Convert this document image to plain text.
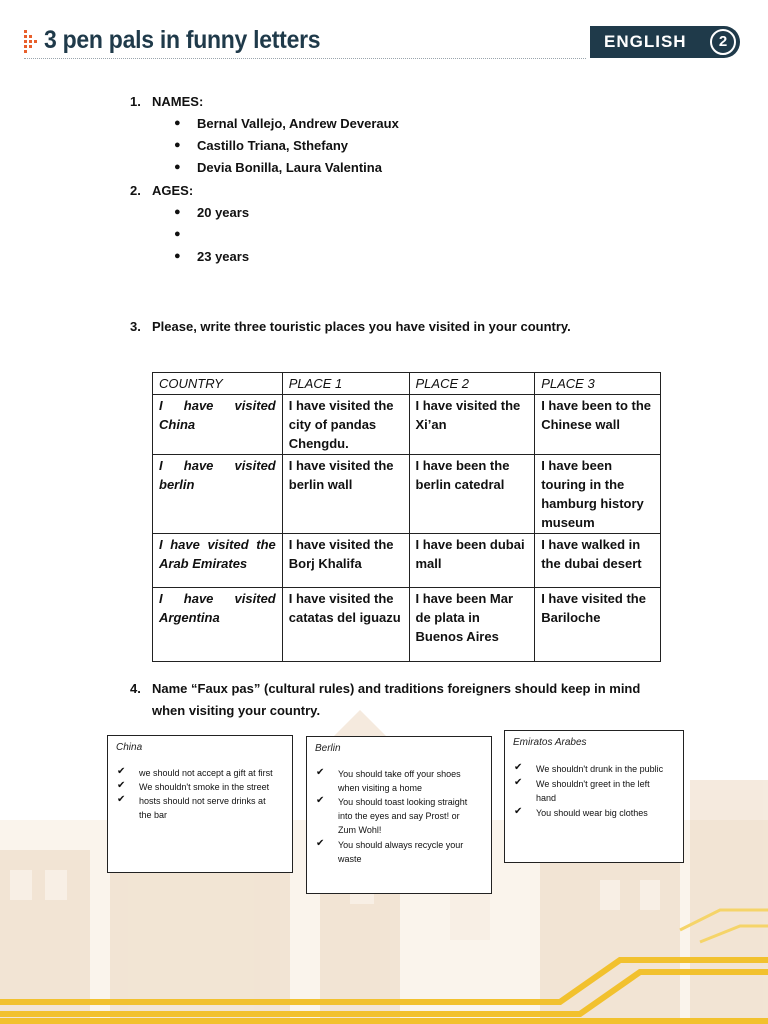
3 pen pals in funny letters	ENGLISH	2
1. NAMES:
● Bernal Vallejo, Andrew Deveraux
● Castillo Triana, Sthefany
● Devia Bonilla, Laura Valentina
2. AGES:
● 20 years
●
● 23 years
3. Please, write three touristic places you have visited in your country.
4. Name “Faux pas” (cultural rules) and traditions foreigners should keep in mind
when visiting your country.
COUNTRY	PLACE 1	PLACE 2	PLACE 3
I have visited China	I have visited the city of pandas Chengdu.	I have visited the Xi’an	I have been to the Chinese wall
I have visited berlin	I have visited the berlin wall	I have been the berlin catedral	I have been touring in the hamburg history museum
I have visited the Arab Emirates	I have visited the Borj Khalifa	I have been dubai mall	I have walked in the dubai desert
I have visited Argentina	I have visited the catatas del iguazu	I have been Mar de plata in Buenos Aires	I have visited the Bariloche
China
✔ we should not accept a gift at first
✔ We shouldn't smoke in the street
✔ hosts should not serve drinks at
the bar
Berlin
✔ You should take off your shoes
when visiting a home
✔ You should toast looking straight
into the eyes and say Prost! or
Zum Wohl!
✔ You should always recycle your
waste
Emiratos Arabes
✔ We shouldn't drunk in the public
✔ We shouldn't greet in the left
hand
✔ You should wear big clothes
